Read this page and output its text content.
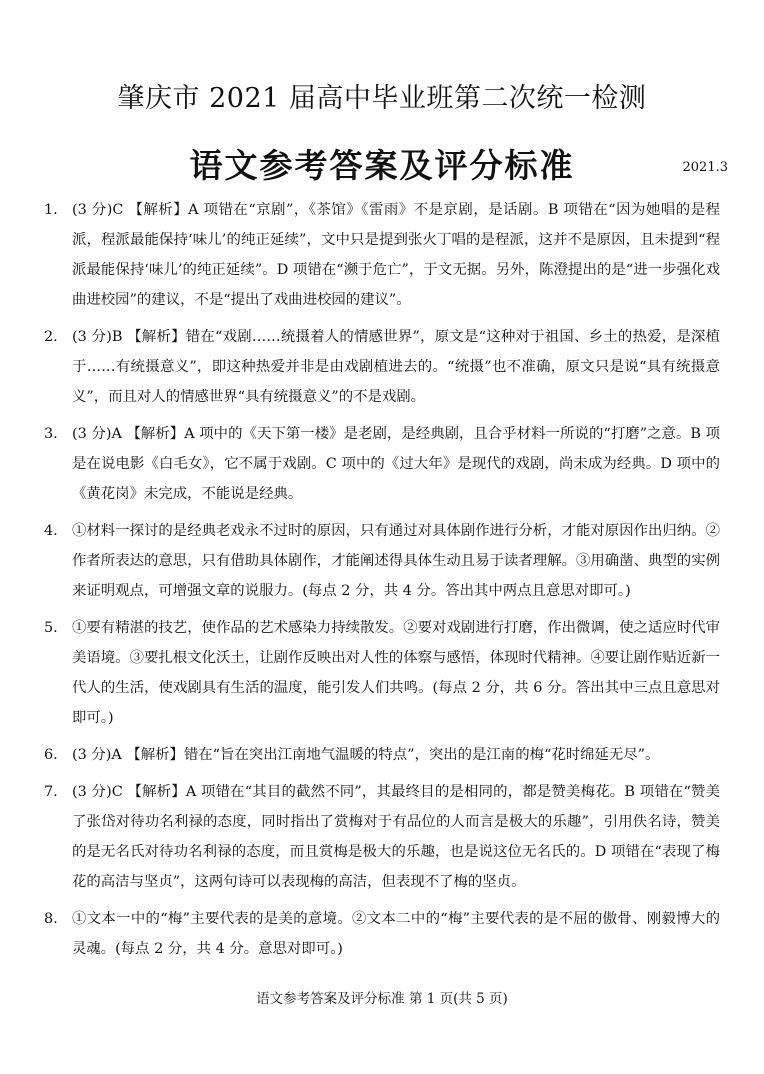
肇庆市 2021 届高中毕业班第二次统一检测
语文参考答案及评分标准	2021.3
1. (3 分)C 【解析】A 项错在“京剧”，《茶馆》《雷雨》不是京剧，是话剧。B 项错在“因为她唱的是程派，程派最能保持‘味儿’的纯正延续”，文中只是提到张火丁唱的是程派，这并不是原因，且未提到“程派最能保持‘味儿’的纯正延续”。D 项错在“濒于危亡”，于文无据。另外，陈澄提出的是“进一步强化戏曲进校园”的建议，不是“提出了戏曲进校园的建议”。
2. (3 分)B 【解析】错在“戏剧……统摄着人的情感世界”，原文是“这种对于祖国、乡土的热爱，是深植于……有统摄意义”，即这种热爱并非是由戏剧植进去的。“统摄”也不准确，原文只是说“具有统摄意义”，而且对人的情感世界“具有统摄意义”的不是戏剧。
3. (3 分)A 【解析】A 项中的《天下第一楼》是老剧，是经典剧，且合乎材料一所说的“打磨”之意。B 项是在说电影《白毛女》，它不属于戏剧。C 项中的《过大年》是现代的戏剧，尚未成为经典。D 项中的《黄花岗》未完成，不能说是经典。
4. ①材料一探讨的是经典老戏永不过时的原因，只有通过对具体剧作进行分析，才能对原因作出归纳。②作者所表达的意思，只有借助具体剧作，才能阐述得具体生动且易于读者理解。③用确凿、典型的实例来证明观点，可增强文章的说服力。(每点 2 分，共 4 分。答出其中两点且意思对即可。)
5. ①要有精湛的技艺，使作品的艺术感染力持续散发。②要对戏剧进行打磨，作出微调，使之适应时代审美语境。③要扎根文化沃土，让剧作反映出对人性的体察与感悟，体现时代精神。④要让剧作贴近新一代人的生活，使戏剧具有生活的温度，能引发人们共鸣。(每点 2 分，共 6 分。答出其中三点且意思对即可。)
6. (3 分)A 【解析】错在“旨在突出江南地气温暖的特点”，突出的是江南的梅“花时绵延无尽”。
7. (3 分)C 【解析】A 项错在“其目的截然不同”，其最终目的是相同的，都是赞美梅花。B 项错在“赞美了张岱对待功名利禄的态度，同时指出了赏梅对于有品位的人而言是极大的乐趣”，引用佚名诗，赞美的是无名氏对待功名利禄的态度，而且赏梅是极大的乐趣，也是说这位无名氏的。D 项错在“表现了梅花的高洁与坚贞”，这两句诗可以表现梅的高洁，但表现不了梅的坚贞。
8. ①文本一中的“梅”主要代表的是美的意境。②文本二中的“梅”主要代表的是不屈的傲骨、刚毅博大的灵魂。(每点 2 分，共 4 分。意思对即可。)
语文参考答案及评分标准 第 1 页(共 5 页)
